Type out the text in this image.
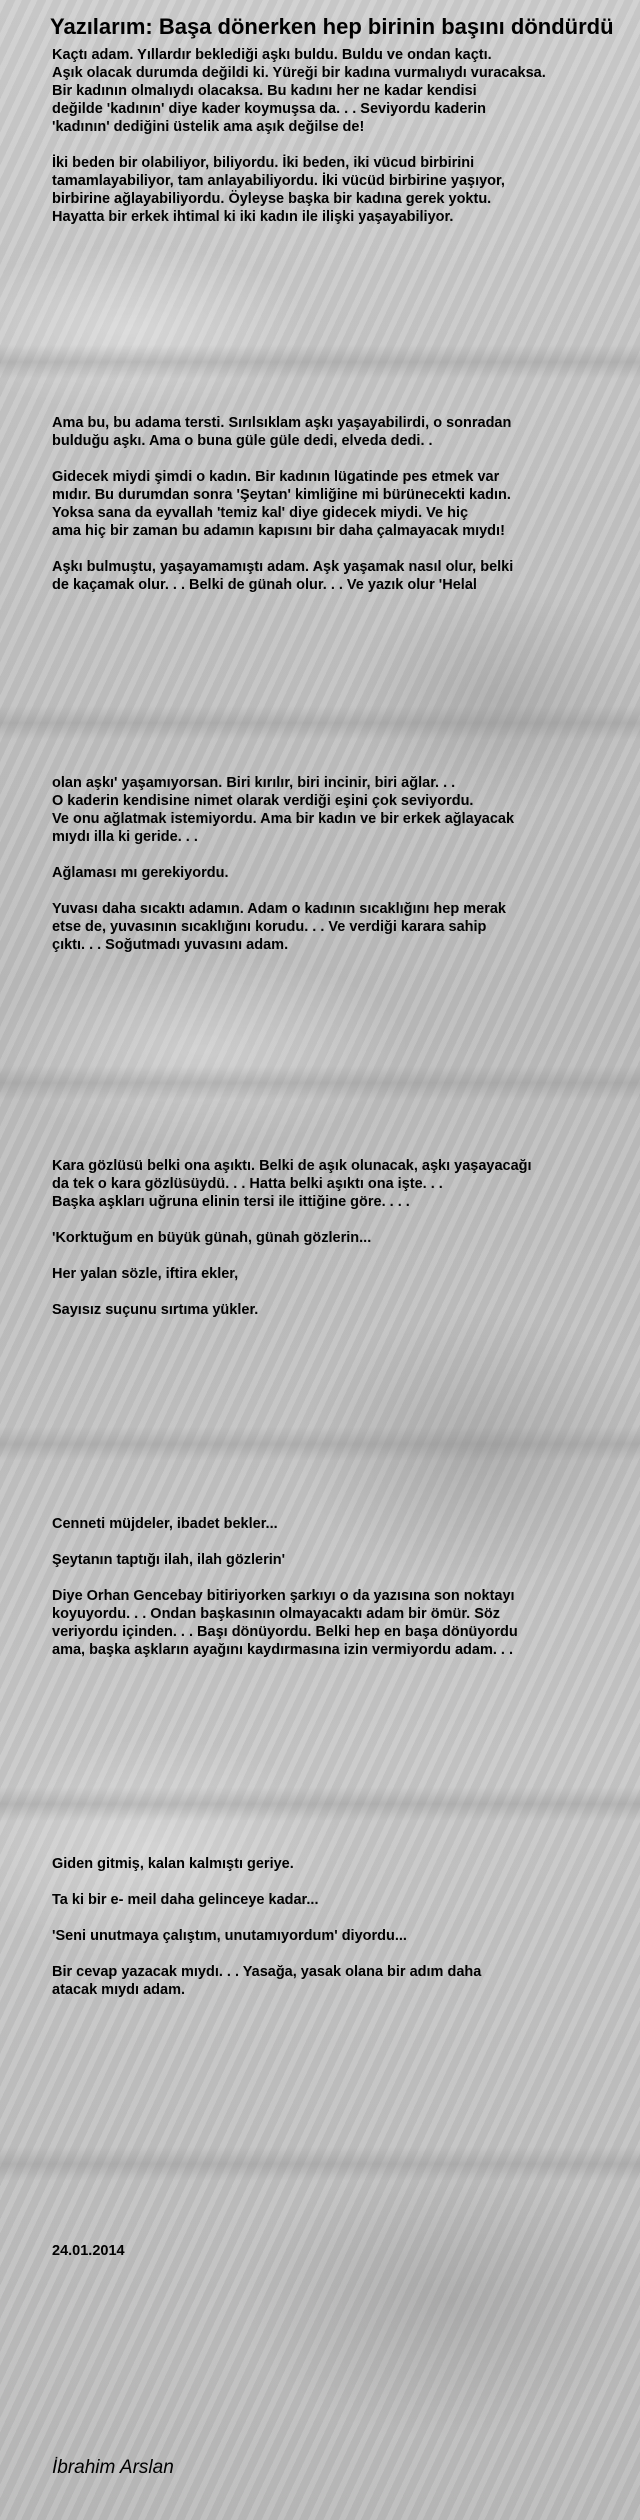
Yazılarım: Başa dönerken hep birinin başını döndürdü

Kaçtı adam. Yıllardır beklediği aşkı buldu. Buldu ve ondan kaçtı.
Aşık olacak durumda değildi ki. Yüreği bir kadına vurmalıydı vuracaksa.
Bir kadının olmalıydı olacaksa. Bu kadını her ne kadar kendisi
değilde 'kadının' diye kader koymuşsa da. . . Seviyordu kaderin
'kadının' dediğini üstelik ama aşık değilse de!

İki beden bir olabiliyor, biliyordu. İki beden, iki vücud birbirini
tamamlayabiliyor, tam anlayabiliyordu. İki vücüd birbirine yaşıyor,
birbirine ağlayabiliyordu. Öyleyse başka bir kadına gerek yoktu.
Hayatta bir erkek ihtimal ki iki kadın ile ilişki yaşayabiliyor.

Ama bu, bu adama tersti. Sırılsıklam aşkı yaşayabilirdi, o sonradan
bulduğu aşkı. Ama o buna güle güle dedi, elveda dedi. .

Gidecek miydi şimdi o kadın. Bir kadının lügatinde pes etmek var
mıdır. Bu durumdan sonra 'Şeytan' kimliğine mi bürünecekti kadın.
Yoksa sana da eyvallah 'temiz kal' diye gidecek miydi. Ve hiç
ama hiç bir zaman bu adamın kapısını bir daha çalmayacak mıydı!

Aşkı bulmuştu, yaşayamamıştı adam. Aşk yaşamak nasıl olur, belki
de kaçamak olur. . . Belki de günah olur. . . Ve yazık olur 'Helal

olan aşkı' yaşamıyorsan. Biri kırılır, biri incinir, biri ağlar. . .
O kaderin kendisine nimet olarak verdiği eşini çok seviyordu.
Ve onu ağlatmak istemiyordu. Ama bir kadın ve bir erkek ağlayacak
mıydı illa ki geride. . .

Ağlaması mı gerekiyordu.

Yuvası daha sıcaktı adamın. Adam o kadının sıcaklığını hep merak
etse de, yuvasının sıcaklığını korudu. . . Ve verdiği karara sahip
çıktı. . . Soğutmadı yuvasını adam.

Kara gözlüsü belki ona aşıktı. Belki de aşık olunacak, aşkı yaşayacağı
da tek o kara gözlüsüydü. . . Hatta belki aşıktı ona işte. . .
Başka aşkları uğruna elinin tersi ile ittiğine göre. . . .

'Korktuğum en büyük günah, günah gözlerin...

Her yalan sözle, iftira ekler,

Sayısız suçunu sırtıma yükler.

Cenneti müjdeler, ibadet bekler...

Şeytanın taptığı ilah, ilah gözlerin'

Diye Orhan Gencebay bitiriyorken şarkıyı o da yazısına son noktayı
koyuyordu. . . Ondan başkasının olmayacaktı adam bir ömür. Söz
veriyordu içinden. . . Başı dönüyordu. Belki hep en başa dönüyordu
ama, başka aşkların ayağını kaydırmasına izin vermiyordu adam. . .

Giden gitmiş, kalan kalmıştı geriye.

Ta ki bir e- meil daha gelinceye kadar...

'Seni unutmaya çalıştım, unutamıyordum' diyordu...

Bir cevap yazacak mıydı. . . Yasağa, yasak olana bir adım daha
atacak mıydı adam.

24.01.2014

İbrahim Arslan
